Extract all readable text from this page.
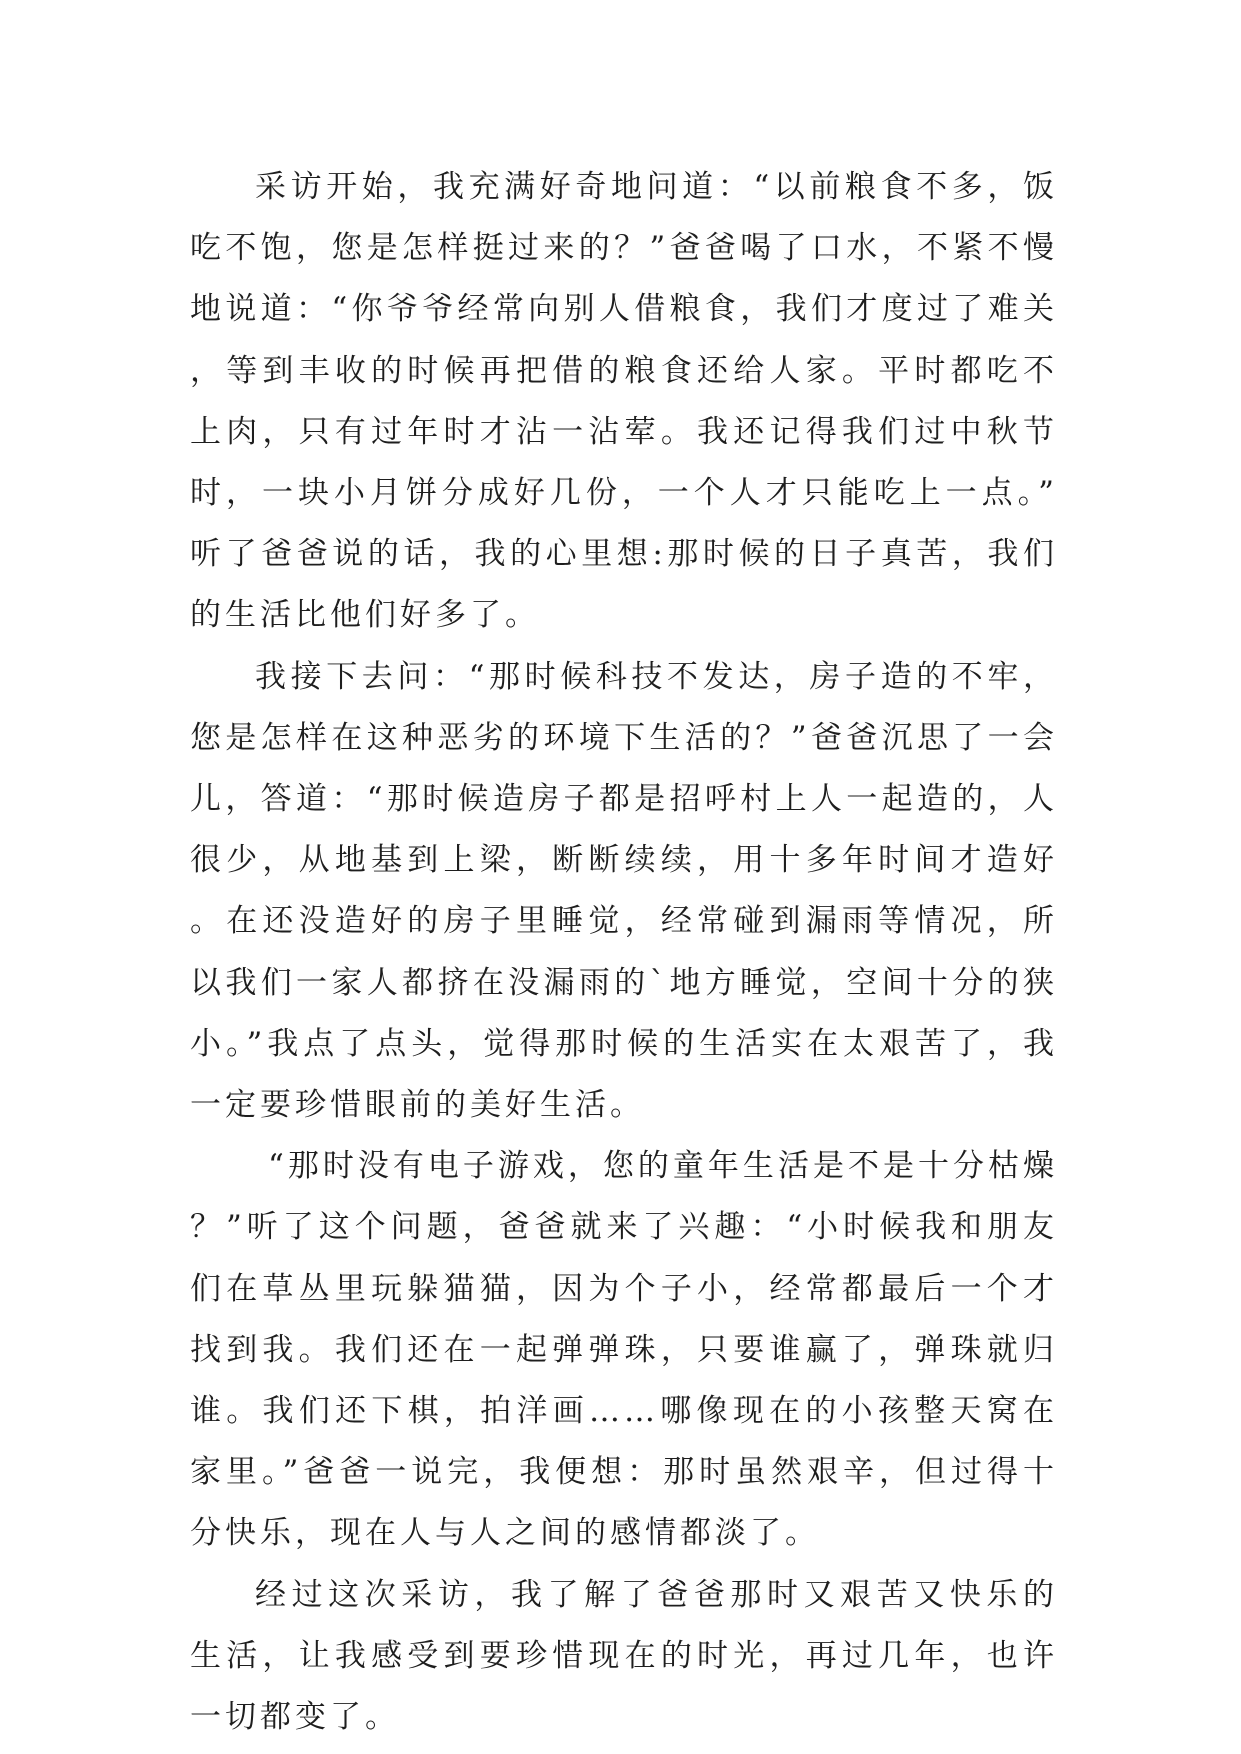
采访开始，我充满好奇地问道：“以前粮食不多，饭吃不饱，您是怎样挺过来的？”爸爸喝了口水，不紧不慢地说道：“你爷爷经常向别人借粮食，我们才度过了难关，等到丰收的时候再把借的粮食还给人家。平时都吃不上肉，只有过年时才沾一沾荤。我还记得我们过中秋节时，一块小月饼分成好几份，一个人才只能吃上一点。”听了爸爸说的话，我的心里想:那时候的日子真苦，我们的生活比他们好多了。

我接下去问：“那时候科技不发达，房子造的不牢，您是怎样在这种恶劣的环境下生活的？”爸爸沉思了一会儿，答道：“那时候造房子都是招呼村上人一起造的，人很少，从地基到上梁，断断续续，用十多年时间才造好。在还没造好的房子里睡觉，经常碰到漏雨等情况，所以我们一家人都挤在没漏雨的`地方睡觉，空间十分的狭小。”我点了点头，觉得那时候的生活实在太艰苦了，我一定要珍惜眼前的美好生活。

“那时没有电子游戏，您的童年生活是不是十分枯燥？”听了这个问题，爸爸就来了兴趣：“小时候我和朋友们在草丛里玩躲猫猫，因为个子小，经常都最后一个才找到我。我们还在一起弹弹珠，只要谁赢了，弹珠就归谁。我们还下棋，拍洋画……哪像现在的小孩整天窝在家里。”爸爸一说完，我便想：那时虽然艰辛，但过得十分快乐，现在人与人之间的感情都淡了。

经过这次采访，我了解了爸爸那时又艰苦又快乐的生活，让我感受到要珍惜现在的时光，再过几年，也许一切都变了。
